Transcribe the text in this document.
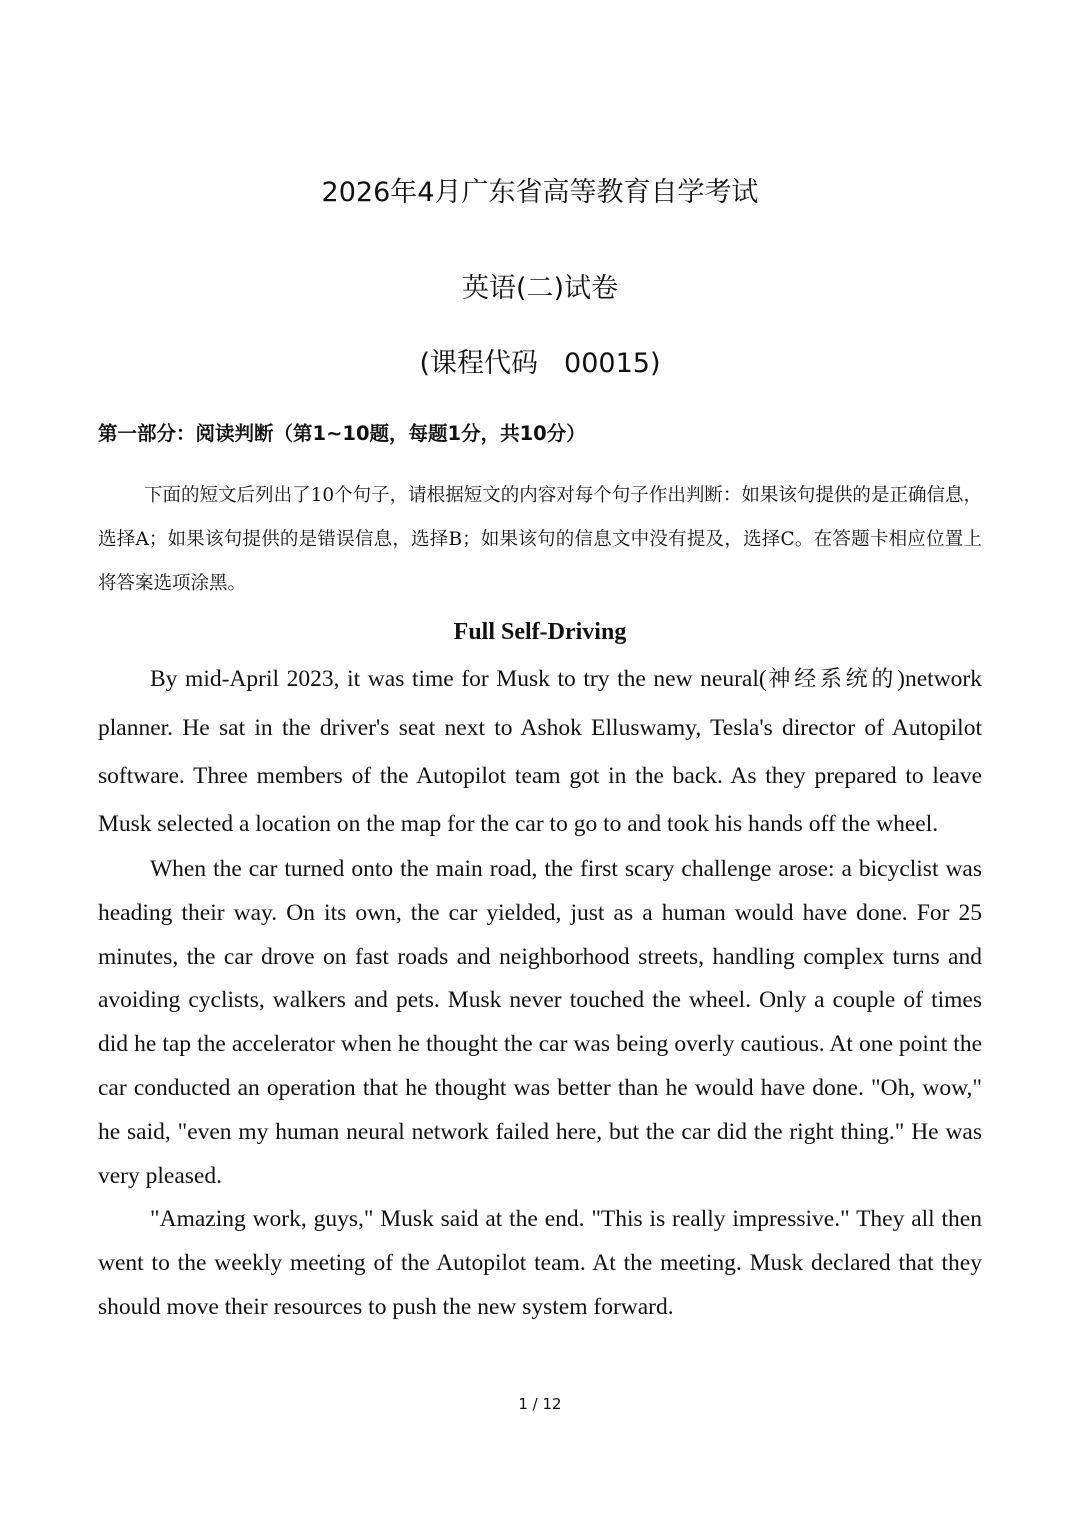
2026年4月广东省高等教育自学考试
英语(二)试卷
(课程代码 00015)
第一部分：阅读判断（第1~10题，每题1分，共10分）

下面的短文后列出了10个句子，请根据短文的内容对每个句子作出判断：如果该句提供的是正确信息，选择A；如果该句提供的是错误信息，选择B；如果该句的信息文中没有提及，选择C。在答题卡相应位置上将答案选项涂黑。

Full Self-Driving

By mid-April 2023, it was time for Musk to try the new neural(神经系统的)network planner. He sat in the driver's seat next to Ashok Elluswamy, Tesla's director of Autopilot software. Three members of the Autopilot team got in the back. As they prepared to leave Musk selected a location on the map for the car to go to and took his hands off the wheel.

When the car turned onto the main road, the first scary challenge arose: a bicyclist was heading their way. On its own, the car yielded, just as a human would have done. For 25 minutes, the car drove on fast roads and neighborhood streets, handling complex turns and avoiding cyclists, walkers and pets. Musk never touched the wheel. Only a couple of times did he tap the accelerator when he thought the car was being overly cautious. At one point the car conducted an operation that he thought was better than he would have done. "Oh, wow," he said, "even my human neural network failed here, but the car did the right thing." He was very pleased.

"Amazing work, guys," Musk said at the end. "This is really impressive." They all then went to the weekly meeting of the Autopilot team. At the meeting. Musk declared that they should move their resources to push the new system forward.

1 / 12
